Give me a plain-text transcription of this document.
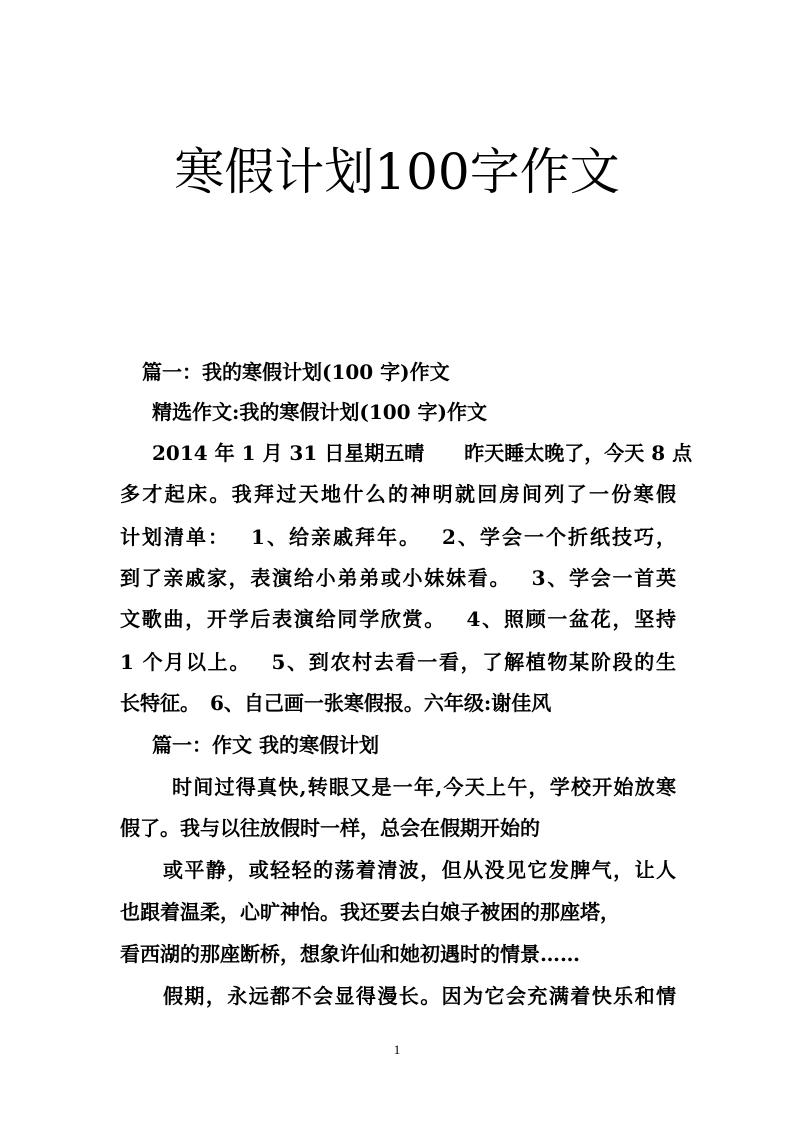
寒假计划100字作文
篇一：我的寒假计划(100 字)作文
精选作文:我的寒假计划(100 字)作文
2014 年 1 月 31 日星期五晴　　昨天睡太晚了，今天 8 点
多才起床。我拜过天地什么的神明就回房间列了一份寒假
计划清单：　 1、给亲戚拜年。　 2、学会一个折纸技巧，
到了亲戚家，表演给小弟弟或小妹妹看。　 3、学会一首英
文歌曲，开学后表演给同学欣赏。　 4、照顾一盆花，坚持
1 个月以上。　 5、到农村去看一看，了解植物某阶段的生
长特征。　6、自己画一张寒假报。六年级:谢佳风
篇一：作文 我的寒假计划
时间过得真快,转眼又是一年,今天上午，学校开始放寒
假了。我与以往放假时一样，总会在假期开始的
或平静，或轻轻的荡着清波，但从没见它发脾气，让人
也跟着温柔，心旷神怡。我还要去白娘子被困的那座塔，
看西湖的那座断桥，想象许仙和她初遇时的情景……
假期，永远都不会显得漫长。因为它会充满着快乐和情
1
